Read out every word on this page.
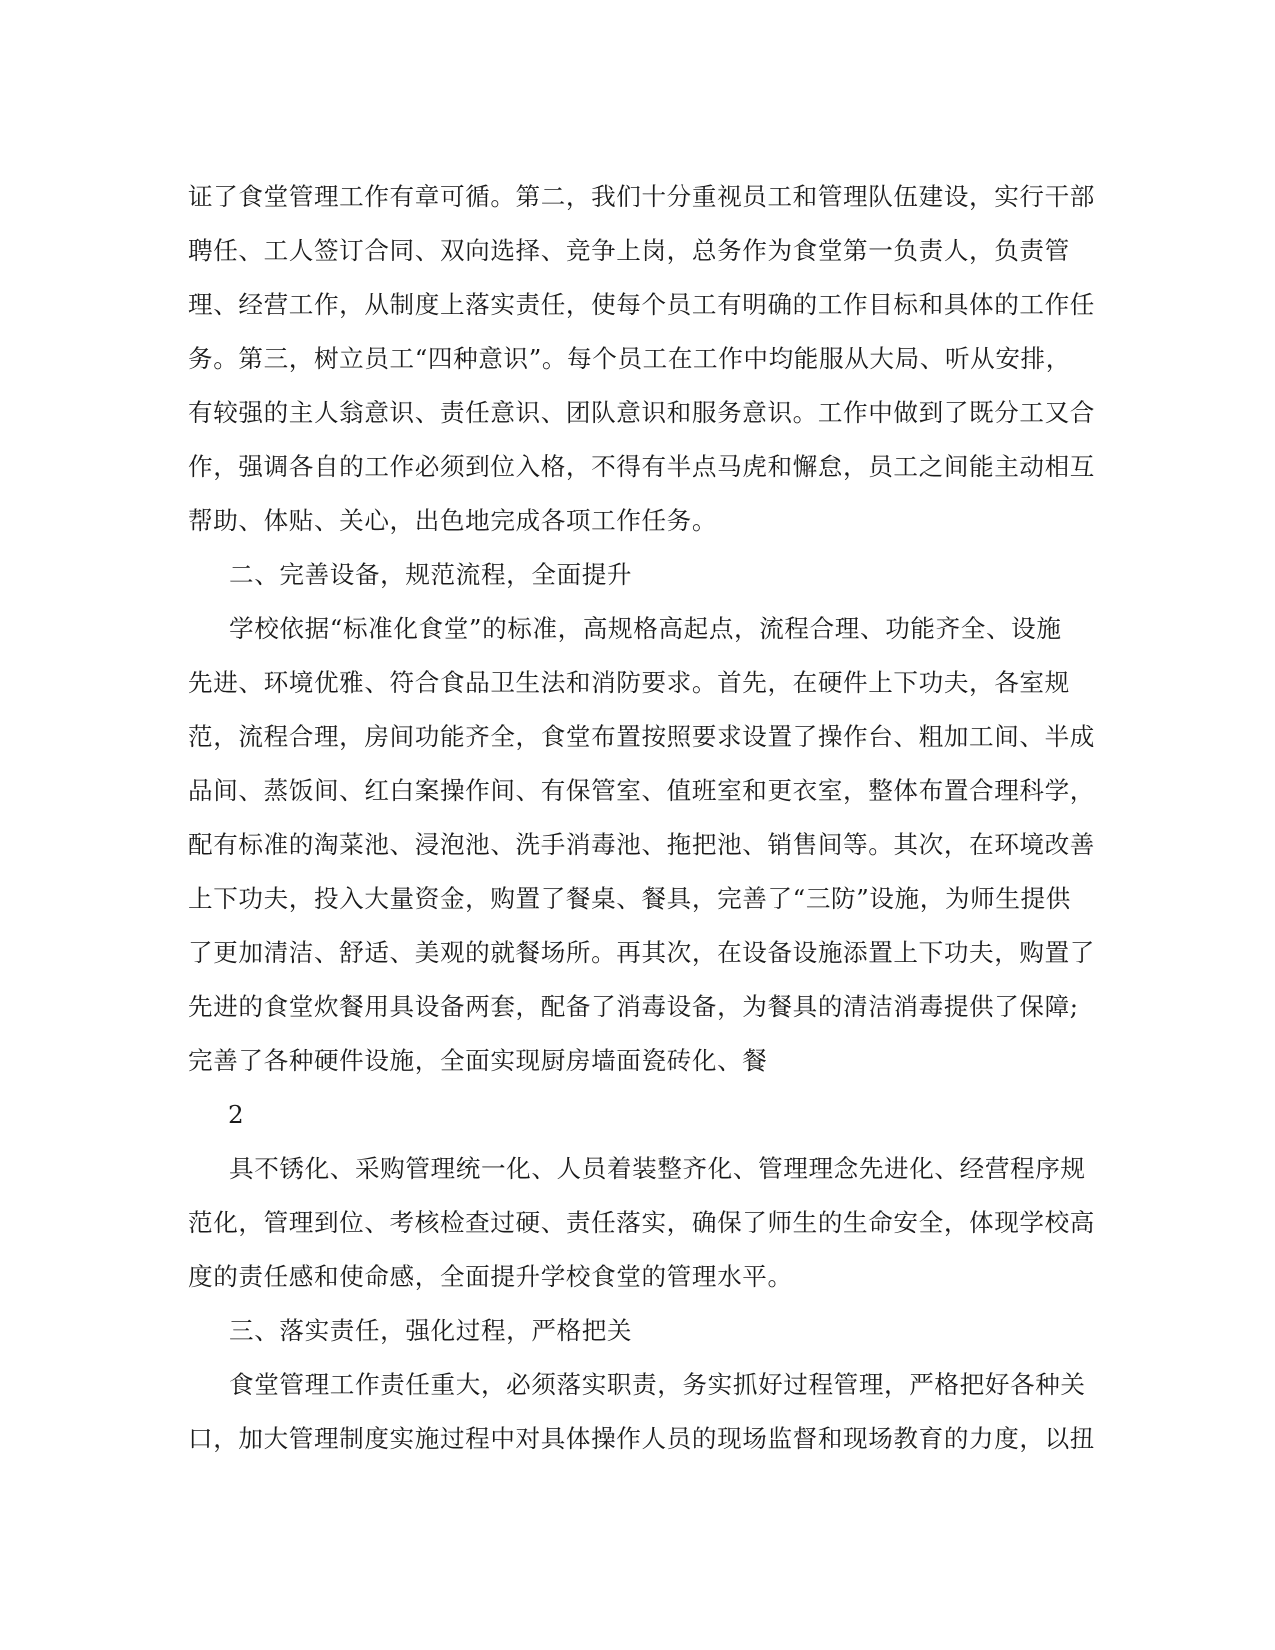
证了食堂管理工作有章可循。第二，我们十分重视员工和管理队伍建设，实行干部
聘任、工人签订合同、双向选择、竞争上岗，总务作为食堂第一负责人，负责管
理、经营工作，从制度上落实责任，使每个员工有明确的工作目标和具体的工作任
务。第三，树立员工“四种意识”。每个员工在工作中均能服从大局、听从安排，
有较强的主人翁意识、责任意识、团队意识和服务意识。工作中做到了既分工又合
作，强调各自的工作必须到位入格，不得有半点马虎和懈怠，员工之间能主动相互
帮助、体贴、关心，出色地完成各项工作任务。
二、完善设备，规范流程，全面提升
学校依据“标准化食堂”的标准，高规格高起点，流程合理、功能齐全、设施
先进、环境优雅、符合食品卫生法和消防要求。首先，在硬件上下功夫，各室规
范，流程合理，房间功能齐全，食堂布置按照要求设置了操作台、粗加工间、半成
品间、蒸饭间、红白案操作间、有保管室、值班室和更衣室，整体布置合理科学，
配有标准的淘菜池、浸泡池、洗手消毒池、拖把池、销售间等。其次，在环境改善
上下功夫，投入大量资金，购置了餐桌、餐具，完善了“三防”设施，为师生提供
了更加清洁、舒适、美观的就餐场所。再其次，在设备设施添置上下功夫，购置了
先进的食堂炊餐用具设备两套，配备了消毒设备，为餐具的清洁消毒提供了保障;
完善了各种硬件设施，全面实现厨房墙面瓷砖化、餐
2
具不锈化、采购管理统一化、人员着装整齐化、管理理念先进化、经营程序规
范化，管理到位、考核检查过硬、责任落实，确保了师生的生命安全，体现学校高
度的责任感和使命感，全面提升学校食堂的管理水平。
三、落实责任，强化过程，严格把关
食堂管理工作责任重大，必须落实职责，务实抓好过程管理，严格把好各种关
口，加大管理制度实施过程中对具体操作人员的现场监督和现场教育的力度，以扭
